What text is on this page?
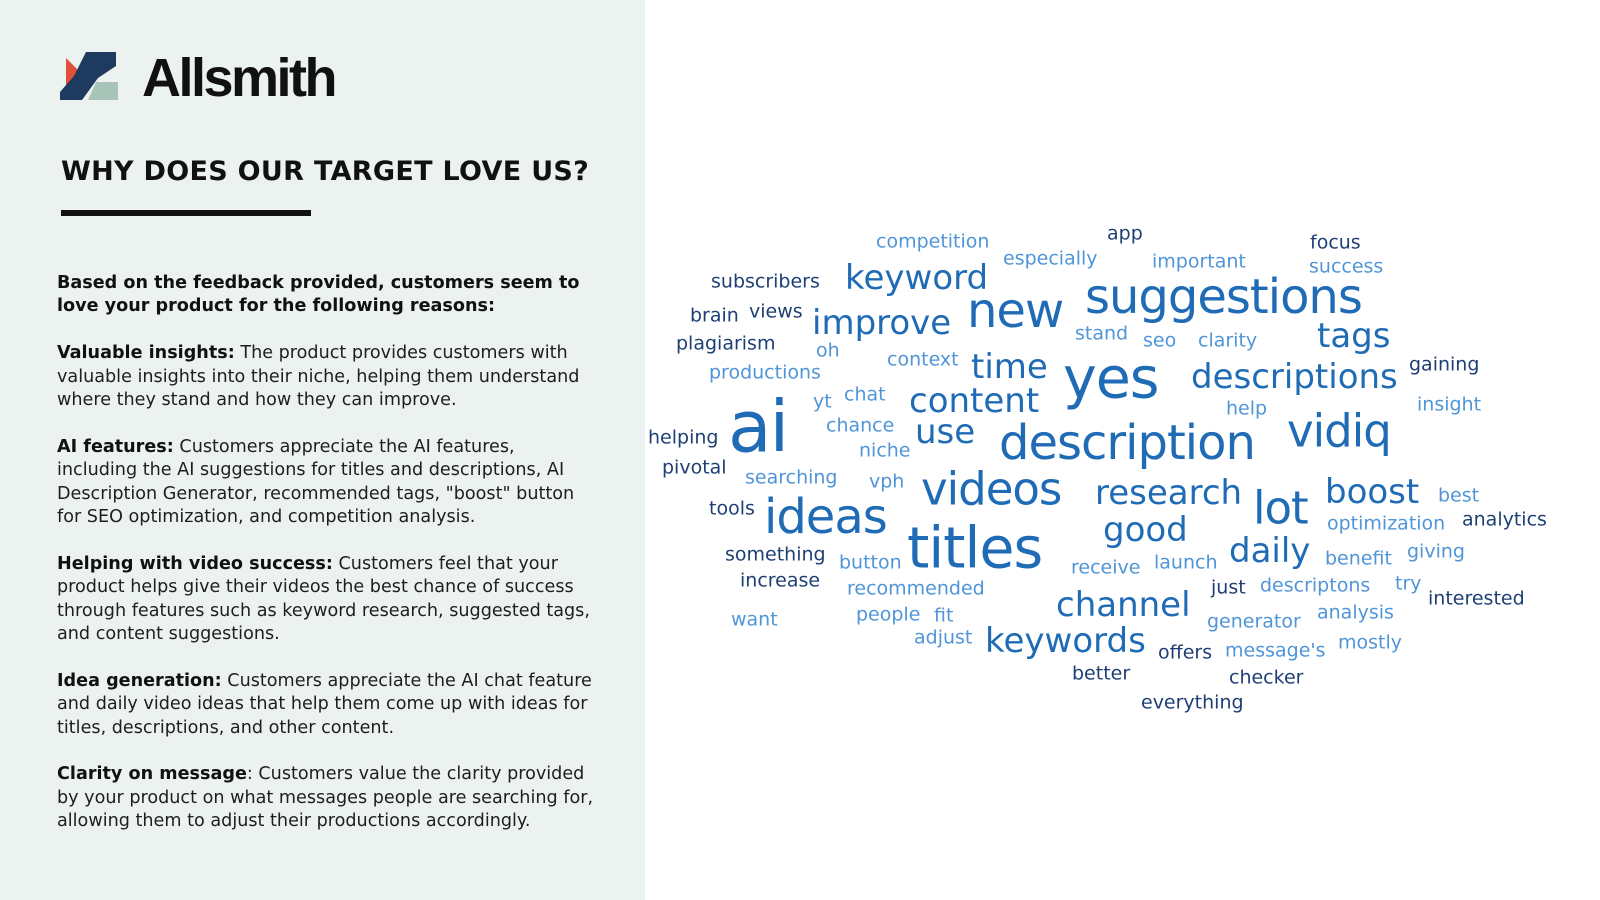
Allsmith
WHY DOES OUR TARGET LOVE US?

Based on the feedback provided, customers seem to love your product for the following reasons:

Valuable insights: The product provides customers with valuable insights into their niche, helping them understand where they stand and how they can improve.

AI features: Customers appreciate the AI features, including the AI suggestions for titles and descriptions, AI Description Generator, recommended tags, "boost" button for SEO optimization, and competition analysis.

Helping with video success: Customers feel that your product helps give their videos the best chance of success through features such as keyword research, suggested tags, and content suggestions.

Idea generation: Customers appreciate the AI chat feature and daily video ideas that help them come up with ideas for titles, descriptions, and other content.

Clarity on message: Customers value the clarity provided by your product on what messages people are searching for, allowing them to adjust their productions accordingly.

competition	app	focus
especially	important	success
subscribers keyword suggestions
new
brain views improve	stand seo clarity tags
plagiarism oh context time yes	gaining
productions	descriptions
yt chat content
ai	help	insight
chance use	vidiq
helping	description
niche
pivotal searching vph videos research boost best
tools ideas	lot	analytics
optimization
good
titles
something	daily	giving
button	receive launch	benefit
increase	just	try
recommended	descriptons
interested
channel
people fit	analysis
want	generator
adjust keywords	mostly
offers message's
better	checker
everything
